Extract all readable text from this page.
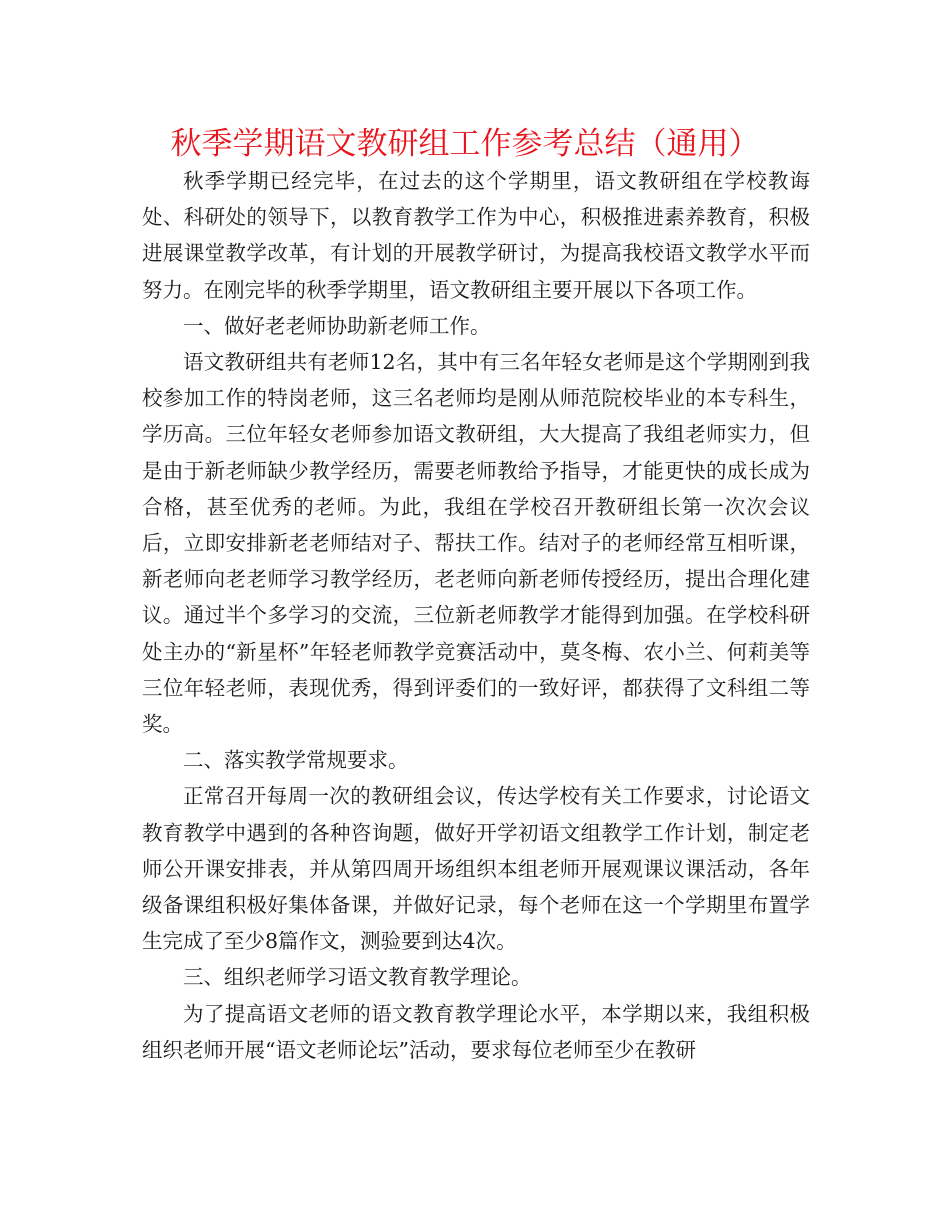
秋季学期语文教研组工作参考总结（通用）

秋季学期已经完毕，在过去的这个学期里，语文教研组在学校教诲处、科研处的领导下，以教育教学工作为中心，积极推进素养教育，积极进展课堂教学改革，有计划的开展教学研讨，为提高我校语文教学水平而努力。在刚完毕的秋季学期里，语文教研组主要开展以下各项工作。

一、做好老老师协助新老师工作。

语文教研组共有老师12名，其中有三名年轻女老师是这个学期刚到我校参加工作的特岗老师，这三名老师均是刚从师范院校毕业的本专科生，学历高。三位年轻女老师参加语文教研组，大大提高了我组老师实力，但是由于新老师缺少教学经历，需要老师教给予指导，才能更快的成长成为合格，甚至优秀的老师。为此，我组在学校召开教研组长第一次次会议后，立即安排新老老师结对子、帮扶工作。结对子的老师经常互相听课，新老师向老老师学习教学经历，老老师向新老师传授经历，提出合理化建议。通过半个多学习的交流，三位新老师教学才能得到加强。在学校科研处主办的“新星杯”年轻老师教学竞赛活动中，莫冬梅、农小兰、何莉美等三位年轻老师，表现优秀，得到评委们的一致好评，都获得了文科组二等奖。

二、落实教学常规要求。

正常召开每周一次的教研组会议，传达学校有关工作要求，讨论语文教育教学中遇到的各种咨询题，做好开学初语文组教学工作计划，制定老师公开课安排表，并从第四周开场组织本组老师开展观课议课活动，各年级备课组积极好集体备课，并做好记录，每个老师在这一个学期里布置学生完成了至少8篇作文，测验要到达4次。

三、组织老师学习语文教育教学理论。

为了提高语文老师的语文教育教学理论水平，本学期以来，我组积极组织老师开展“语文老师论坛”活动，要求每位老师至少在教研
